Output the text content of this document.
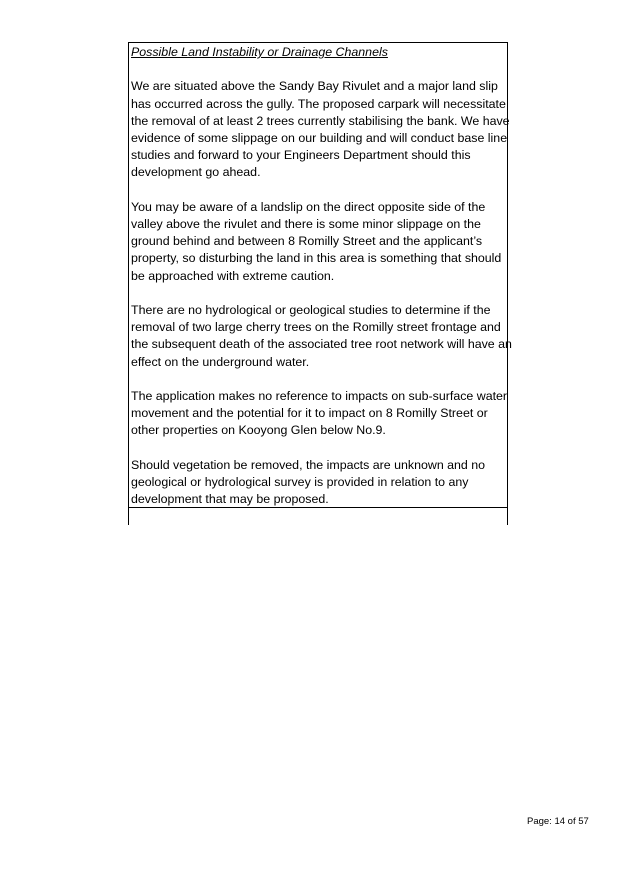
Possible Land Instability or Drainage Channels
We are situated above the Sandy Bay Rivulet and a major land slip
has occurred across the gully. The proposed carpark will necessitate
the removal of at least 2 trees currently stabilising the bank. We have
evidence of some slippage on our building and will conduct base line
studies and forward to your Engineers Department should this
development go ahead.
You may be aware of a landslip on the direct opposite side of the
valley above the rivulet and there is some minor slippage on the
ground behind and between 8 Romilly Street and the applicant’s
property, so disturbing the land in this area is something that should
be approached with extreme caution.
There are no hydrological or geological studies to determine if the
removal of two large cherry trees on the Romilly street frontage and
the subsequent death of the associated tree root network will have an
effect on the underground water.
The application makes no reference to impacts on sub-surface water
movement and the potential for it to impact on 8 Romilly Street or
other properties on Kooyong Glen below No.9.
Should vegetation be removed, the impacts are unknown and no
geological or hydrological survey is provided in relation to any
development that may be proposed.
Page: 14 of 57
